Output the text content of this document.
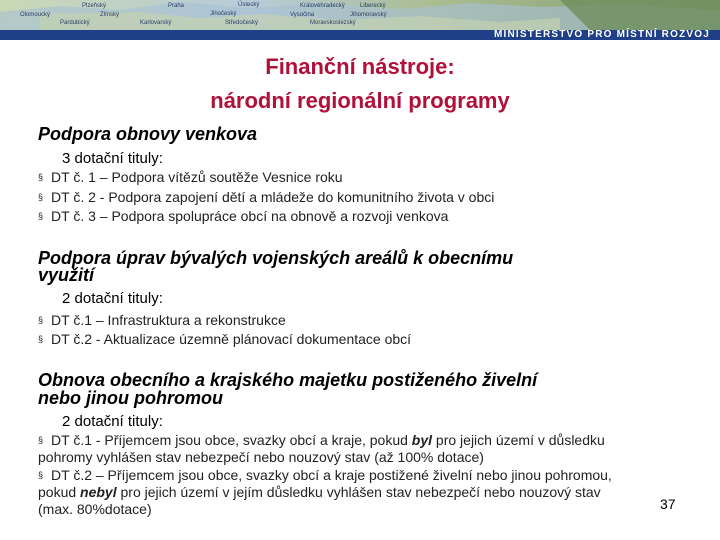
Plzeňský	Praha	Ústecký	Královéhradecký	Liberecký
Olomoucký	Zlínský	Jihočeský	Vysočina	Jihomoravský
Pardubický	Karlovarský	Středočeský	Moravskoslezský
MINISTERSTVO PRO MÍSTNÍ ROZVOJ
Finanční nástroje:
národní regionální programy
Podpora obnovy venkova
3 dotační tituly:
§ DT č. 1 – Podpora vítězů soutěže Vesnice roku
§ DT č. 2 - Podpora zapojení dětí a mládeže do komunitního života v obci
§ DT č. 3 – Podpora spolupráce obcí na obnově a rozvoji venkova
Podpora úprav bývalých vojenských areálů k obecnímu
využití
2 dotační tituly:
§ DT č.1 – Infrastruktura a rekonstrukce
§ DT č.2 - Aktualizace územně plánovací dokumentace obcí
Obnova obecního a krajského majetku postiženého živelní
nebo jinou pohromou
2 dotační tituly:
§ DT č.1 - Příjemcem jsou obce, svazky obcí a kraje, pokud byl pro jejich území v důsledku pohromy vyhlášen stav nebezpečí nebo nouzový stav (až 100% dotace)
§ DT č.2 – Příjemcem jsou obce, svazky obcí a kraje postižené živelní nebo jinou pohromou, pokud nebyl pro jejich území v jejím důsledku vyhlášen stav nebezpečí nebo nouzový stav (max. 80%dotace)	37
